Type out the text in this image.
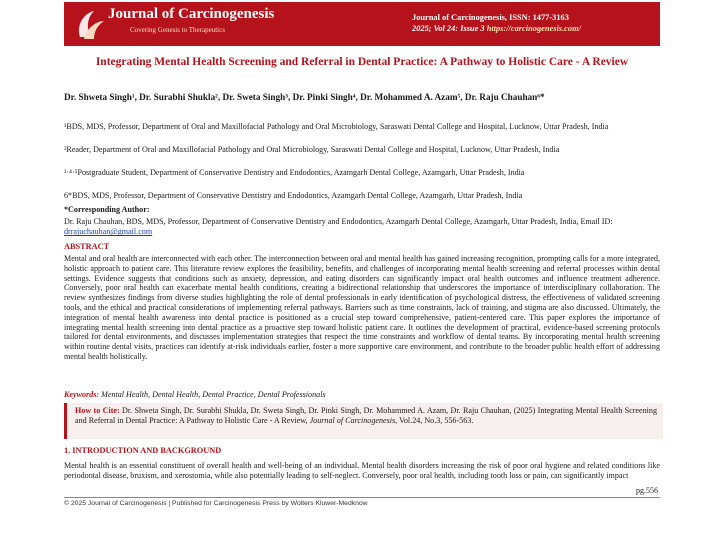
Journal of Carcinogenesis
Covering Genesis to Therapeutics
Journal of Carcinogenesis, ISSN: 1477-3163
2025; Vol 24: Issue 3 https://carcinogenesis.com/
Integrating Mental Health Screening and Referral in Dental Practice: A Pathway to Holistic Care - A Review
Dr. Shweta Singh¹, Dr. Surabhi Shukla², Dr. Sweta Singh³, Dr. Pinki Singh⁴, Dr. Mohammed A. Azam⁵, Dr. Raju Chauhan⁶*
¹BDS, MDS, Professor, Department of Oral and Maxillofacial Pathology and Oral Microbiology, Saraswati Dental College and Hospital, Lucknow, Uttar Pradesh, India
²Reader, Department of Oral and Maxillofacial Pathology and Oral Microbiology, Saraswati Dental College and Hospital, Lucknow, Uttar Pradesh, India
³·⁴·⁵Postgraduate Student, Department of Conservative Dentistry and Endodontics, Azamgarh Dental College, Azamgarh, Uttar Pradesh, India
6*BDS, MDS, Professor, Department of Conservative Dentistry and Endodontics, Azamgarh Dental College, Azamgarh, Uttar Pradesh, India
*Corresponding Author:
Dr. Raju Chauhan, BDS, MDS, Professor, Department of Conservative Dentistry and Endodontics, Azamgarh Dental College, Azamgarh, Uttar Pradesh, India, Email ID: drrajuchauhan@gmail.com
ABSTRACT
Mental and oral health are interconnected with each other. The interconnection between oral and mental health has gained increasing recognition, prompting calls for a more integrated, holistic approach to patient care. This literature review explores the feasibility, benefits, and challenges of incorporating mental health screening and referral processes within dental settings. Evidence suggests that conditions such as anxiety, depression, and eating disorders can significantly impact oral health outcomes and influence treatment adherence. Conversely, poor oral health can exacerbate mental health conditions, creating a bidirectional relationship that underscores the importance of interdisciplinary collaboration. The review synthesizes findings from diverse studies highlighting the role of dental professionals in early identification of psychological distress, the effectiveness of validated screening tools, and the ethical and practical considerations of implementing referral pathways. Barriers such as time constraints, lack of training, and stigma are also discussed. Ultimately, the integration of mental health awareness into dental practice is positioned as a crucial step toward comprehensive, patient-centered care. This paper explores the importance of integrating mental health screening into dental practice as a proactive step toward holistic patient care. It outlines the development of practical, evidence-based screening protocols tailored for dental environments, and discusses implementation strategies that respect the time constraints and workflow of dental teams. By incorporating mental health screening within routine dental visits, practices can identify at-risk individuals earlier, foster a more supportive care environment, and contribute to the broader public health effort of addressing mental health holistically.
Keywords: Mental Health, Dental Health, Dental Practice, Dental Professionals

How to Cite: Dr. Shweta Singh, Dr. Surabhi Shukla, Dr. Sweta Singh, Dr. Pinki Singh, Dr. Mohammed A. Azam, Dr. Raju Chauhan, (2025) Integrating Mental Health Screening and Referral in Dental Practice: A Pathway to Holistic Care - A Review, Journal of Carcinogenesis, Vol.24, No.3, 556-563.

1. INTRODUCTION AND BACKGROUND
Mental health is an essential constituent of overall health and well-being of an individual. Mental health disorders increasing the risk of poor oral hygiene and related conditions like periodontal disease, bruxism, and xerostomia, while also potentially leading to self-neglect. Conversely, poor oral health, including tooth loss or pain, can significantly impact
pg.556
© 2025 Journal of Carcinogenesis | Published for Carcinogenesis Press by Wolters Kluwer-Medknow
